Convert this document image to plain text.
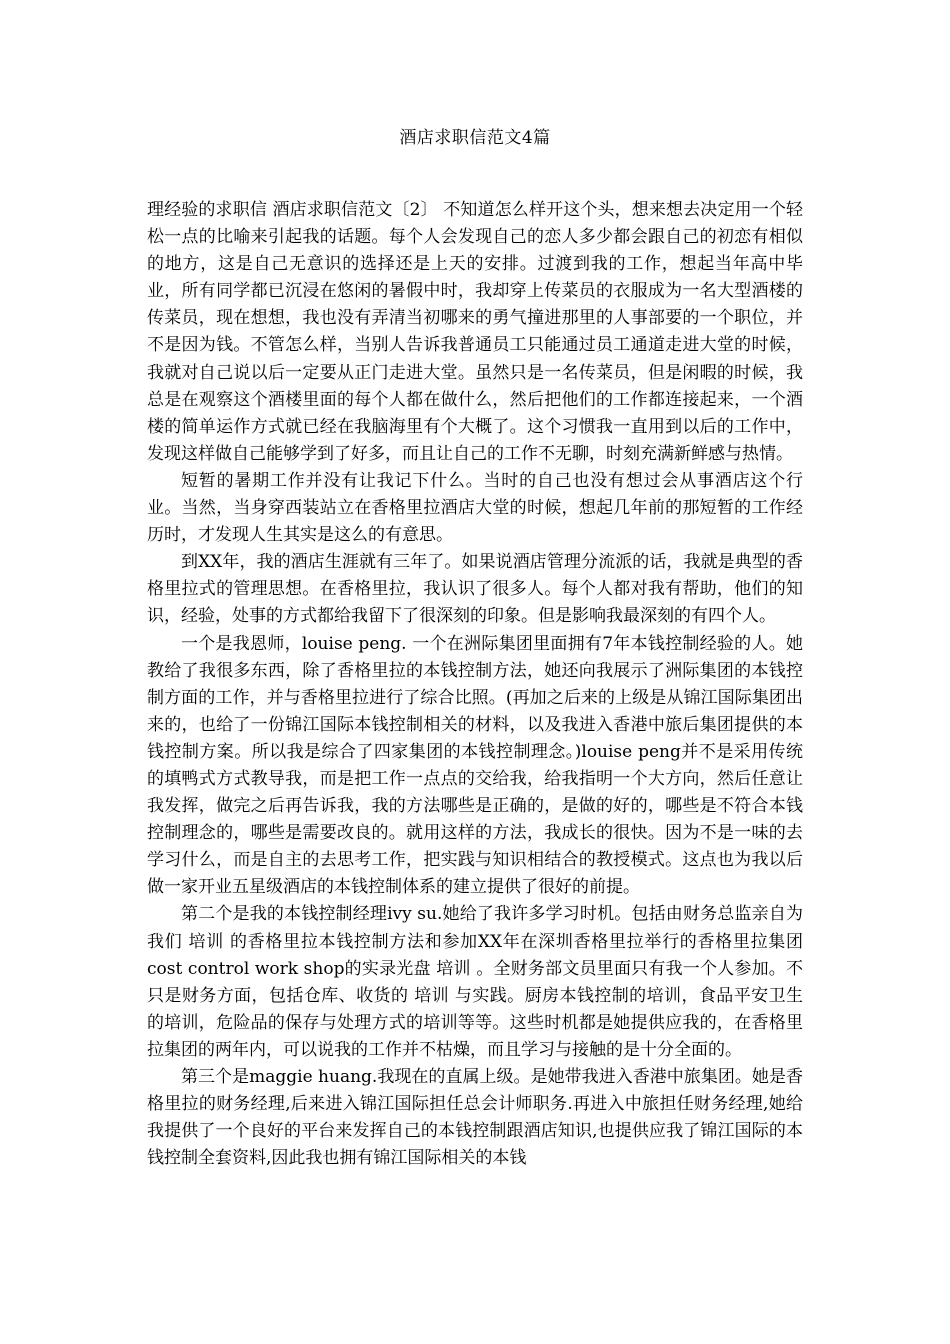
酒店求职信范文4篇

理经验的求职信 酒店求职信范文〔2〕 不知道怎么样开这个头，想来想去决定用一个轻松一点的比喻来引起我的话题。每个人会发现自己的恋人多少都会跟自己的初恋有相似的地方，这是自己无意识的选择还是上天的安排。过渡到我的工作，想起当年高中毕业，所有同学都已沉浸在悠闲的暑假中时，我却穿上传菜员的衣服成为一名大型酒楼的传菜员，现在想想，我也没有弄清当初哪来的勇气撞进那里的人事部要的一个职位，并不是因为钱。不管怎么样，当别人告诉我普通员工只能通过员工通道走进大堂的时候，我就对自己说以后一定要从正门走进大堂。虽然只是一名传菜员，但是闲暇的时候，我总是在观察这个酒楼里面的每个人都在做什么，然后把他们的工作都连接起来，一个酒楼的简单运作方式就已经在我脑海里有个大概了。这个习惯我一直用到以后的工作中，发现这样做自己能够学到了好多，而且让自己的工作不无聊，时刻充满新鲜感与热情。

短暂的暑期工作并没有让我记下什么。当时的自己也没有想过会从事酒店这个行业。当然，当身穿西装站立在香格里拉酒店大堂的时候，想起几年前的那短暂的工作经历时，才发现人生其实是这么的有意思。

到XX年，我的酒店生涯就有三年了。如果说酒店管理分流派的话，我就是典型的香格里拉式的管理思想。在香格里拉，我认识了很多人。每个人都对我有帮助，他们的知识，经验，处事的方式都给我留下了很深刻的印象。但是影响我最深刻的有四个人。

一个是我恩师，louise peng. 一个在洲际集团里面拥有7年本钱控制经验的人。她教给了我很多东西，除了香格里拉的本钱控制方法，她还向我展示了洲际集团的本钱控制方面的工作，并与香格里拉进行了综合比照。(再加之后来的上级是从锦江国际集团出来的，也给了一份锦江国际本钱控制相关的材料，以及我进入香港中旅后集团提供的本钱控制方案。所以我是综合了四家集团的本钱控制理念。)louise peng并不是采用传统的填鸭式方式教导我，而是把工作一点点的交给我，给我指明一个大方向，然后任意让我发挥，做完之后再告诉我，我的方法哪些是正确的，是做的好的，哪些是不符合本钱控制理念的，哪些是需要改良的。就用这样的方法，我成长的很快。因为不是一味的去学习什么，而是自主的去思考工作，把实践与知识相结合的教授模式。这点也为我以后做一家开业五星级酒店的本钱控制体系的建立提供了很好的前提。

第二个是我的本钱控制经理ivy su.她给了我许多学习时机。包括由财务总监亲自为我们 培训 的香格里拉本钱控制方法和参加XX年在深圳香格里拉举行的香格里拉集团cost control work shop的实录光盘 培训 。全财务部文员里面只有我一个人参加。不只是财务方面，包括仓库、收货的 培训 与实践。厨房本钱控制的培训，食品平安卫生的培训，危险品的保存与处理方式的培训等等。这些时机都是她提供应我的，在香格里拉集团的两年内，可以说我的工作并不枯燥，而且学习与接触的是十分全面的。

第三个是maggie huang.我现在的直属上级。是她带我进入香港中旅集团。她是香格里拉的财务经理,后来进入锦江国际担任总会计师职务.再进入中旅担任财务经理,她给我提供了一个良好的平台来发挥自己的本钱控制跟酒店知识,也提供应我了锦江国际的本钱控制全套资料,因此我也拥有锦江国际相关的本钱
